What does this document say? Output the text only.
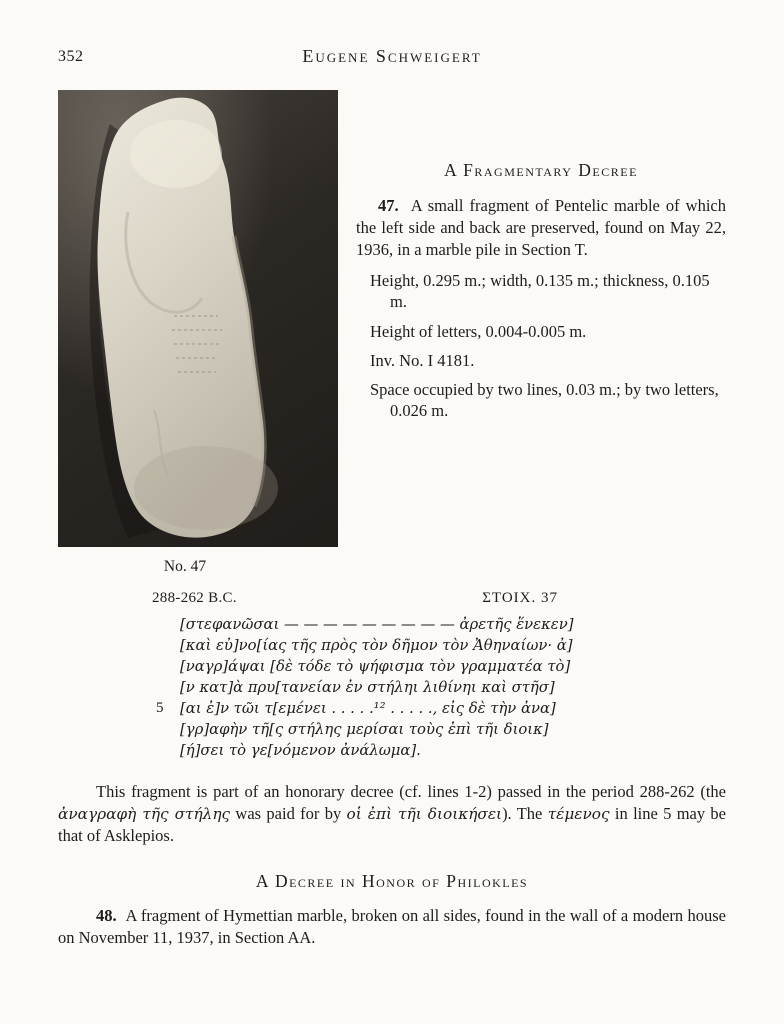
352	Eugene Schweigert
No. 47
A Fragmentary Decree

47. A small fragment of Pentelic marble of which the left side and back are preserved, found on May 22, 1936, in a marble pile in Section T.

Height, 0.295 m.; width, 0.135 m.; thickness, 0.105 m.
Height of letters, 0.004-0.005 m.
Inv. No. I 4181.
Space occupied by two lines, 0.03 m.; by two letters, 0.026 m.
288-262 B.C.	ΣΤΟΙΧ. 37
[στεφανῶσαι — — — — — — — — — ἀρετῆς ἕνεκεν]
[καὶ εὐ]νο[ίας τῆς πρὸς τὸν δῆμον τὸν Ἀθηναίων· ἀ]
[ναγρ]άψαι [δὲ τόδε τὸ ψήφισμα τὸν γραμματέα τὸ]
[ν κατ]ὰ πρυ[τανείαν ἐν στήληι λιθίνηι καὶ στῆσ]
5	[αι ἐ]ν τῶι τ[εμένει . . . . .¹² . . . . ., εἰς δὲ τὴν ἀνα]
[γρ]αφὴν τῆ[ς στήλης μερίσαι τοὺς ἐπὶ τῆι διοικ]
[ή]σει τὸ γε[νόμενον ἀνάλωμα].

This fragment is part of an honorary decree (cf. lines 1-2) passed in the period 288-262 (the ἀναγραφὴ τῆς στήλης was paid for by οἱ ἐπὶ τῆι διοικήσει). The τέμενος in line 5 may be that of Asklepios.

A Decree in Honor of Philokles

48. A fragment of Hymettian marble, broken on all sides, found in the wall of a modern house on November 11, 1937, in Section AA.
